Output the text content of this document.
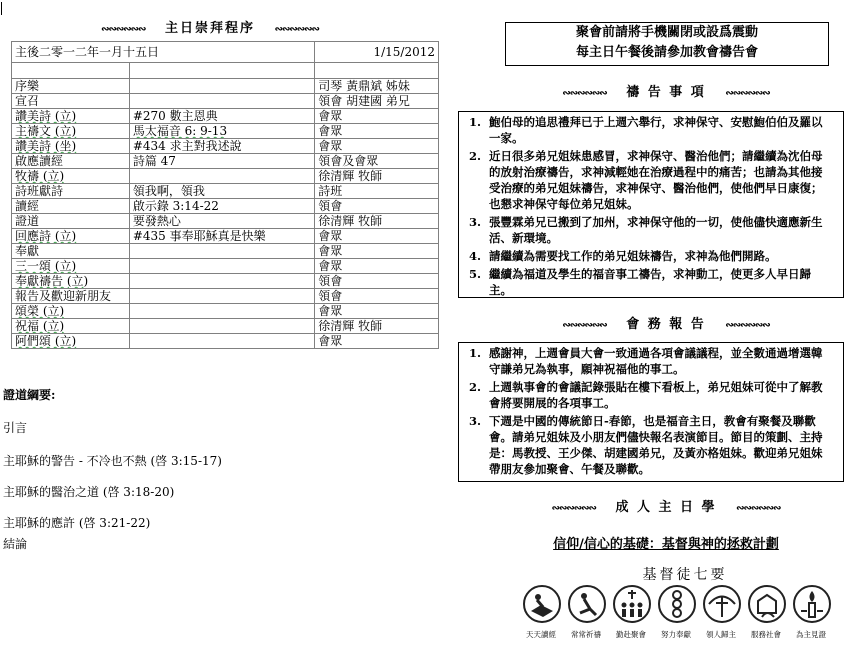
∾∾∾∾∾∾ 主日崇拜程序 ∾∾∾∾∾∾
主後二零一二年一月十五日		1/15/2012

序樂		司琴 黃鼎斌 姊妹
宣召		領會 胡建國 弟兄
讚美詩 (立)	#270 數主恩典	會眾
主禱文 (立)	馬太福音 6: 9-13	會眾
讚美詩 (坐)	#434 求主對我述說	會眾
啟應讀經	詩篇 47	領會及會眾
牧禱 (立)		徐清輝 牧師
詩班獻詩	領我啊，領我	詩班
讀經	啟示錄 3:14-22	領會
證道	要發熱心	徐清輝 牧師
回應詩 (立)	#435 事奉耶穌真是快樂	會眾
奉獻		會眾
三一頌 (立)		會眾
奉獻禱告 (立)		領會
報告及歡迎新朋友		領會
頌榮 (立)		會眾
祝福 (立)		徐清輝 牧師
阿們頌 (立)		會眾
證道綱要:
引言
主耶穌的警告 - 不冷也不熱 (啓 3:15-17)
主耶穌的醫治之道 (啓 3:18-20)
主耶穌的應許 (啓 3:21-22)
結論
聚會前請將手機關閉或設爲震動
每主日午餐後請參加教會禱告會
∾∾∾∾∾∾ 禱 告 事 項 ∾∾∾∾∾∾
1. 鮑伯母的追思禮拜已于上週六舉行，求神保守、安慰鮑伯伯及羅以一家。
2. 近日很多弟兄姐妹患感冒，求神保守、醫治他們；請繼續為沈伯母的放射治療禱告，求神減輕她在治療過程中的痛苦；也請為其他接受治療的弟兄姐妹禱告，求神保守、醫治他們，使他們早日康復；也懇求神保守每位弟兄姐妹。
3. 張豐霖弟兄已搬到了加州，求神保守他的一切，使他儘快適應新生活、新環境。
4. 請繼續為需要找工作的弟兄姐妹禱告，求神為他們開路。
5. 繼續為福道及學生的福音事工禱告，求神動工，使更多人早日歸主。
∾∾∾∾∾∾ 會 務 報 告 ∾∾∾∾∾∾
1. 感謝神，上週會員大會一致通過各項會議議程，並全數通過增選韓守謙弟兄為執事，願神祝福他的事工。
2. 上週執事會的會議記錄張貼在樓下看板上，弟兄姐妹可從中了解教會將要開展的各項事工。
3. 下週是中國的傳統節日-春節，也是福音主日，教會有聚餐及聯歡會。請弟兄姐妹及小朋友們儘快報名表演節目。節目的策劃、主持是：馬教授、王少傑、胡建國弟兄，及黃亦格姐妹。歡迎弟兄姐妹帶朋友參加聚會、午餐及聯歡。
∾∾∾∾∾∾ 成 人 主 日 學 ∾∾∾∾∾∾
信仰/信心的基礎：基督與神的拯救計劃
基督徒七要
天天讀經 常常祈禱 勤赴聚會 努力奉獻 領人歸主 服務社會 為主見證
